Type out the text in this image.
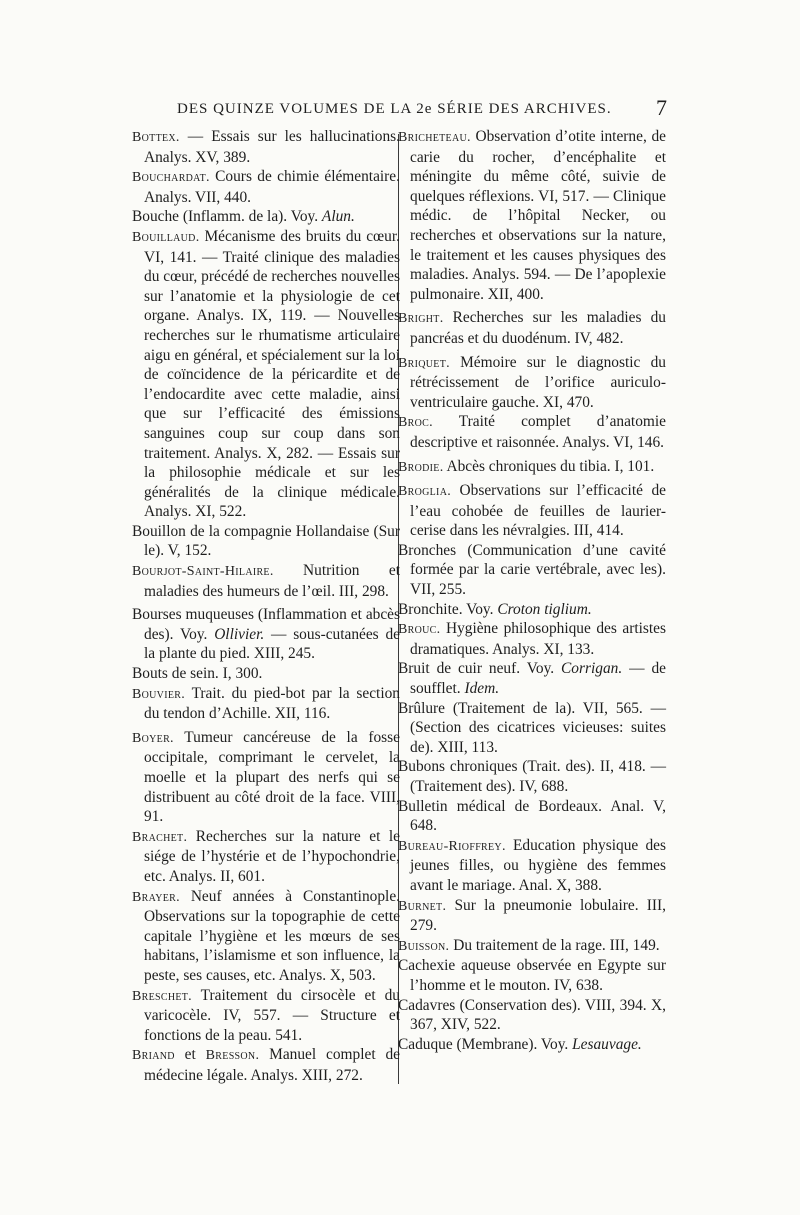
DES QUINZE VOLUMES DE LA 2e SÉRIE DES ARCHIVES. 7

Bottex. — Essais sur les hallucinations. Analys. XV, 389.

Bouchardat. Cours de chimie élémentaire. Analys. VII, 440.

Bouche (Inflamm. de la). Voy. Alun.

Bouillaud. Mécanisme des bruits du cœur. VI, 141. — Traité clinique des maladies du cœur, précédé de recherches nouvelles sur l’anatomie et la physiologie de cet organe. Analys. IX, 119. — Nouvelles recherches sur le rhumatisme articulaire aigu en général, et spécialement sur la loi de coïncidence de la péricardite et de l’endocardite avec cette maladie, ainsi que sur l’efficacité des émissions sanguines coup sur coup dans son traitement. Analys. X, 282. — Essais sur la philosophie médicale et sur les généralités de la clinique médicale. Analys. XI, 522.

Bouillon de la compagnie Hollandaise (Sur le). V, 152.

Bourjot-Saint-Hilaire. Nutrition et maladies des humeurs de l’œil. III, 298.

Bourses muqueuses (Inflammation et abcès des). Voy. Ollivier. — sous-cutanées de la plante du pied. XIII, 245.

Bouts de sein. I, 300.

Bouvier. Trait. du pied-bot par la section du tendon d’Achille. XII, 116.

Boyer. Tumeur cancéreuse de la fosse occipitale, comprimant le cervelet, la moelle et la plupart des nerfs qui se distribuent au côté droit de la face. VIII, 91.

Brachet. Recherches sur la nature et le siége de l’hystérie et de l’hypochondrie, etc. Analys. II, 601.

Brayer. Neuf années à Constantinople. Observations sur la topographie de cette capitale l’hygiène et les mœurs de ses habitans, l’islamisme et son influence, la peste, ses causes, etc. Analys. X, 503.

Breschet. Traitement du cirsocèle et du varicocèle. IV, 557. — Structure et fonctions de la peau. 541.

Briand et Bresson. Manuel complet de médecine légale. Analys. XIII, 272.

Bricheteau. Observation d’otite interne, de carie du rocher, d’encéphalite et méningite du même côté, suivie de quelques réflexions. VI, 517. — Clinique médic. de l’hôpital Necker, ou recherches et observations sur la nature, le traitement et les causes physiques des maladies. Analys. 594. — De l’apoplexie pulmonaire. XII, 400.

Bright. Recherches sur les maladies du pancréas et du duodénum. IV, 482.

Briquet. Mémoire sur le diagnostic du rétrécissement de l’orifice auriculo-ventriculaire gauche. XI, 470.

Broc. Traité complet d’anatomie descriptive et raisonnée. Analys. VI, 146.

Brodie. Abcès chroniques du tibia. I, 101.

Broglia. Observations sur l’efficacité de l’eau cohobée de feuilles de laurier-cerise dans les névralgies. III, 414.

Bronches (Communication d’une cavité formée par la carie vertébrale, avec les). VII, 255.

Bronchite. Voy. Croton tiglium.

Brouc. Hygiène philosophique des artistes dramatiques. Analys. XI, 133.

Bruit de cuir neuf. Voy. Corrigan. — de soufflet. Idem.

Brûlure (Traitement de la). VII, 565. — (Section des cicatrices vicieuses: suites de). XIII, 113.

Bubons chroniques (Trait. des). II, 418. — (Traitement des). IV, 688.

Bulletin médical de Bordeaux. Anal. V, 648.

Bureau-Rioffrey. Education physique des jeunes filles, ou hygiène des femmes avant le mariage. Anal. X, 388.

Burnet. Sur la pneumonie lobulaire. III, 279.

Buisson. Du traitement de la rage. III, 149.

Cachexie aqueuse observée en Egypte sur l’homme et le mouton. IV, 638.

Cadavres (Conservation des). VIII, 394. X, 367, XIV, 522.

Caduque (Membrane). Voy. Lesauvage.
